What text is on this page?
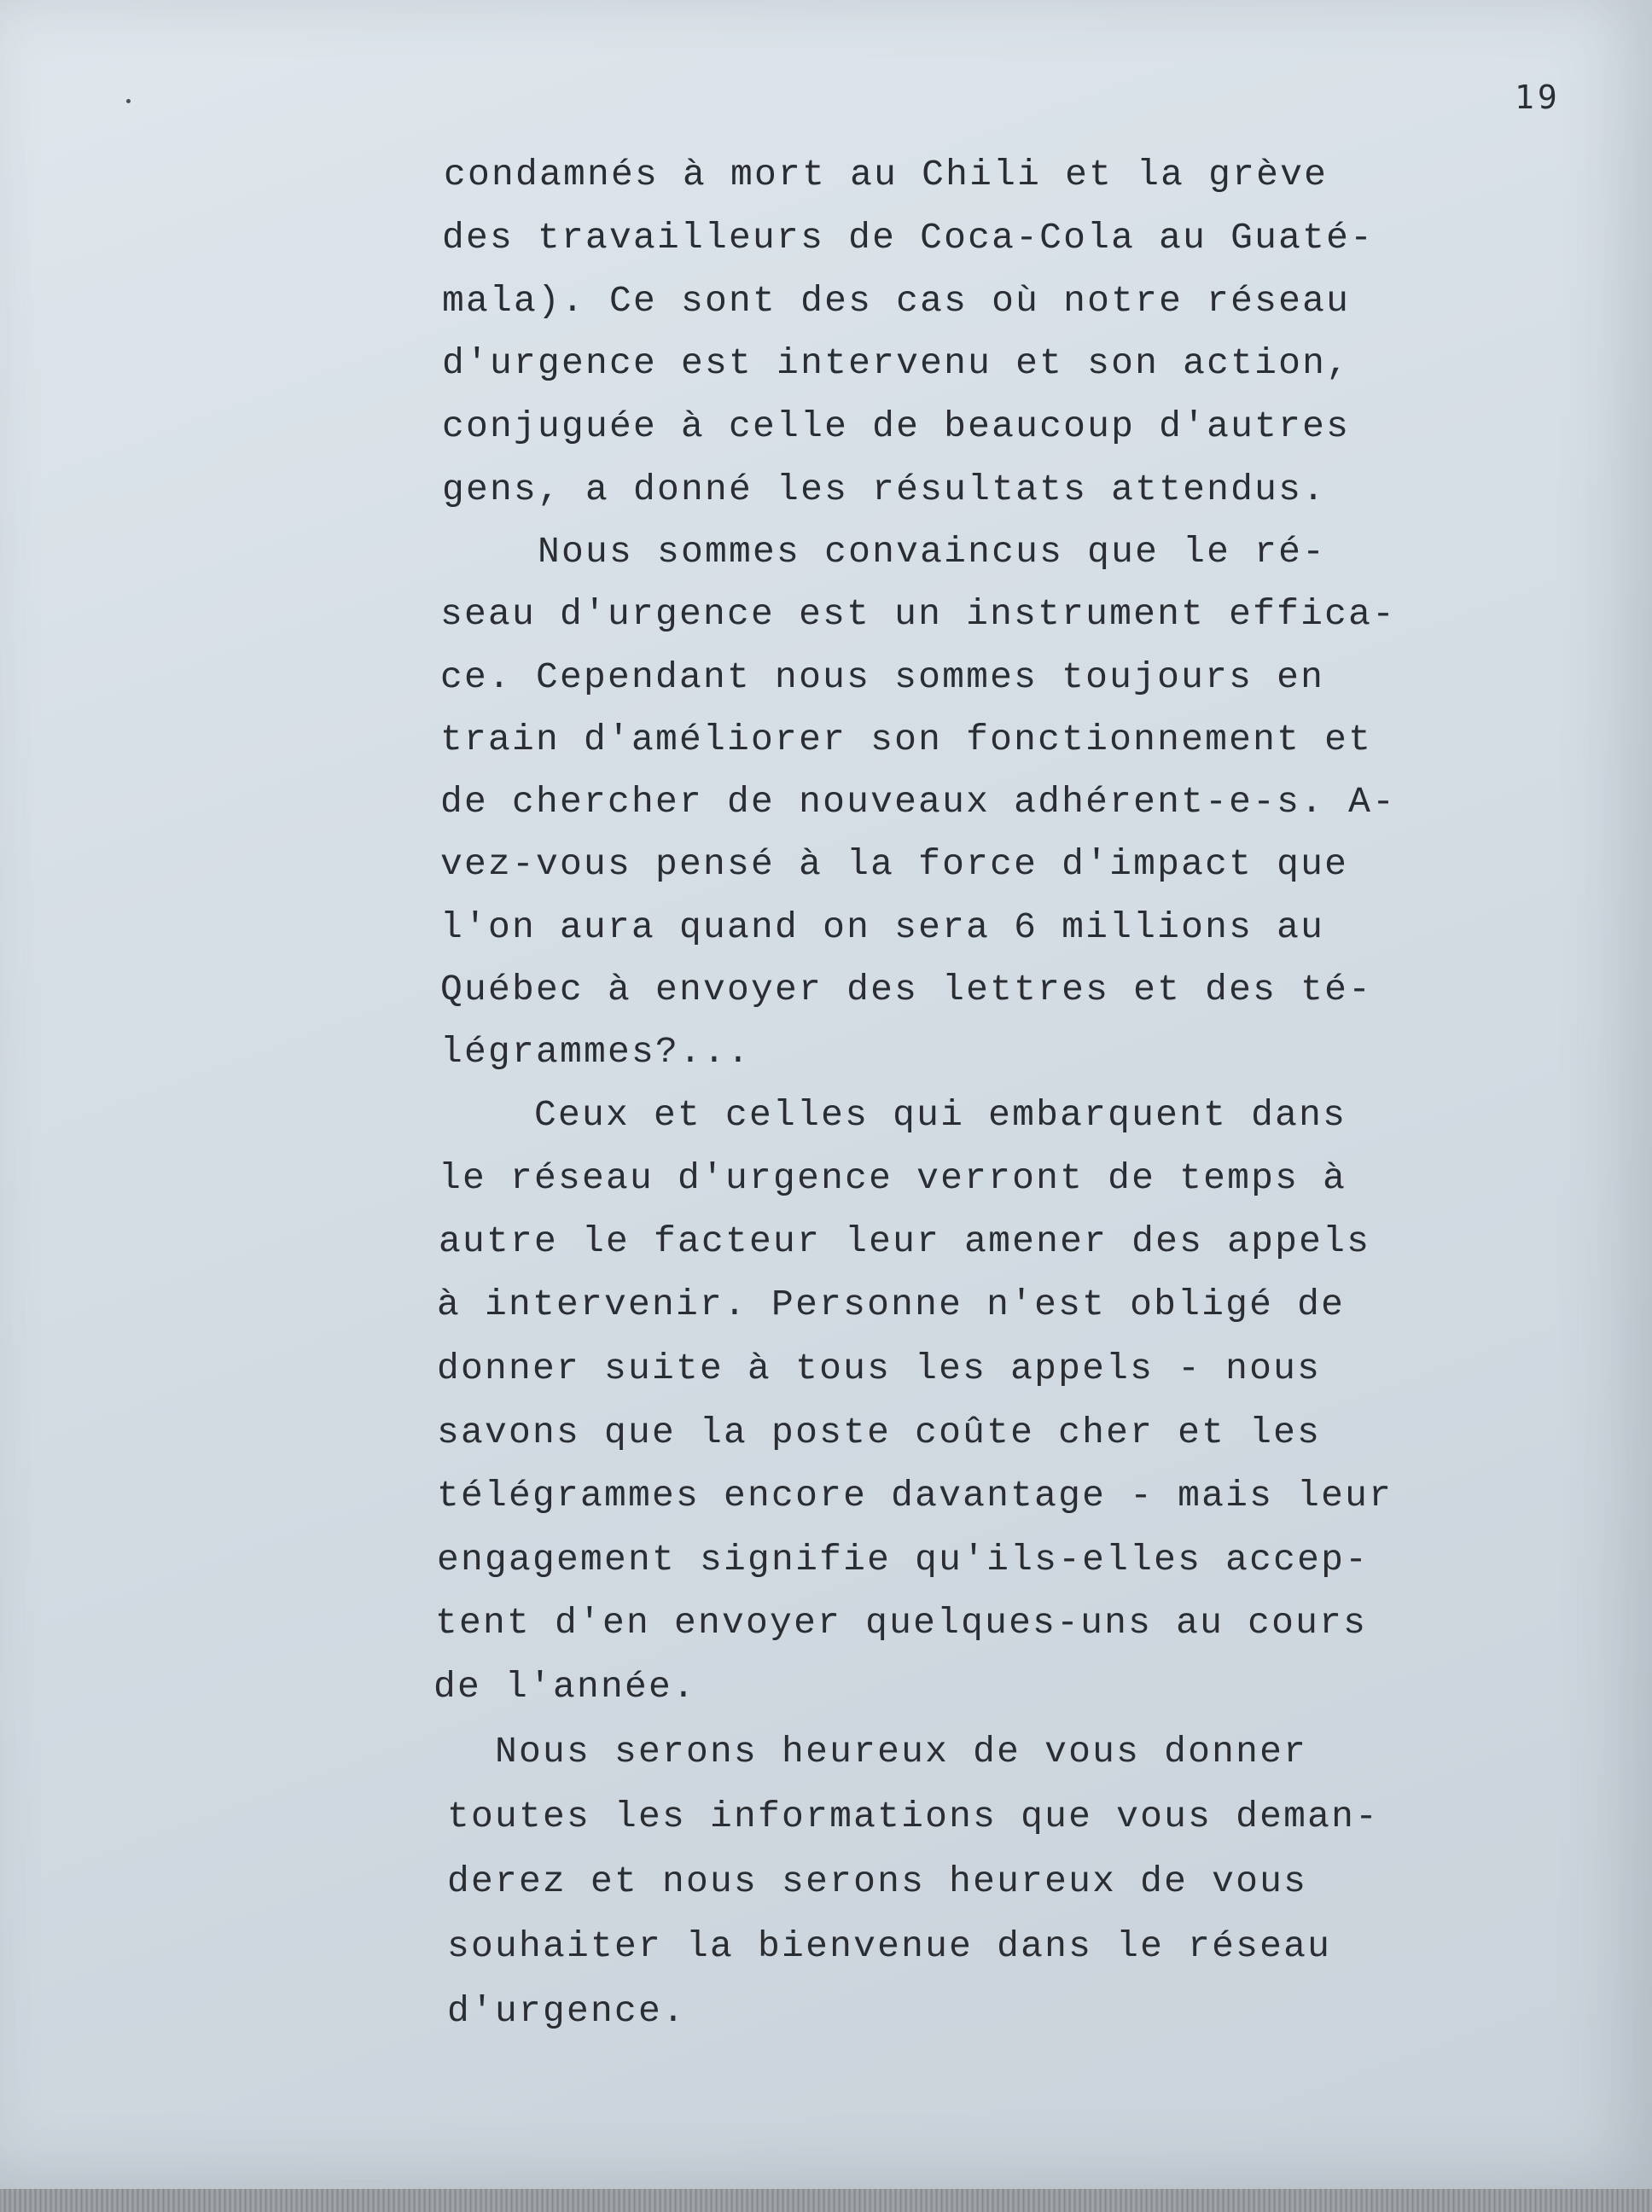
19
condamnés à mort au Chili et la grève
des travailleurs de Coca-Cola au Guaté-
mala). Ce sont des cas où notre réseau
d'urgence est intervenu et son action,
conjuguée à celle de beaucoup d'autres
gens, a donné les résultats attendus.
Nous sommes convaincus que le ré-
seau d'urgence est un instrument effica-
ce. Cependant nous sommes toujours en
train d'améliorer son fonctionnement et
de chercher de nouveaux adhérent-e-s. A-
vez-vous pensé à la force d'impact que
l'on aura quand on sera 6 millions au
Québec à envoyer des lettres et des té-
légrammes?...
Ceux et celles qui embarquent dans
le réseau d'urgence verront de temps à
autre le facteur leur amener des appels
à intervenir. Personne n'est obligé de
donner suite à tous les appels - nous
savons que la poste coûte cher et les
télégrammes encore davantage - mais leur
engagement signifie qu'ils-elles accep-
tent d'en envoyer quelques-uns au cours
de l'année.
Nous serons heureux de vous donner
toutes les informations que vous deman-
derez et nous serons heureux de vous
souhaiter la bienvenue dans le réseau
d'urgence.
